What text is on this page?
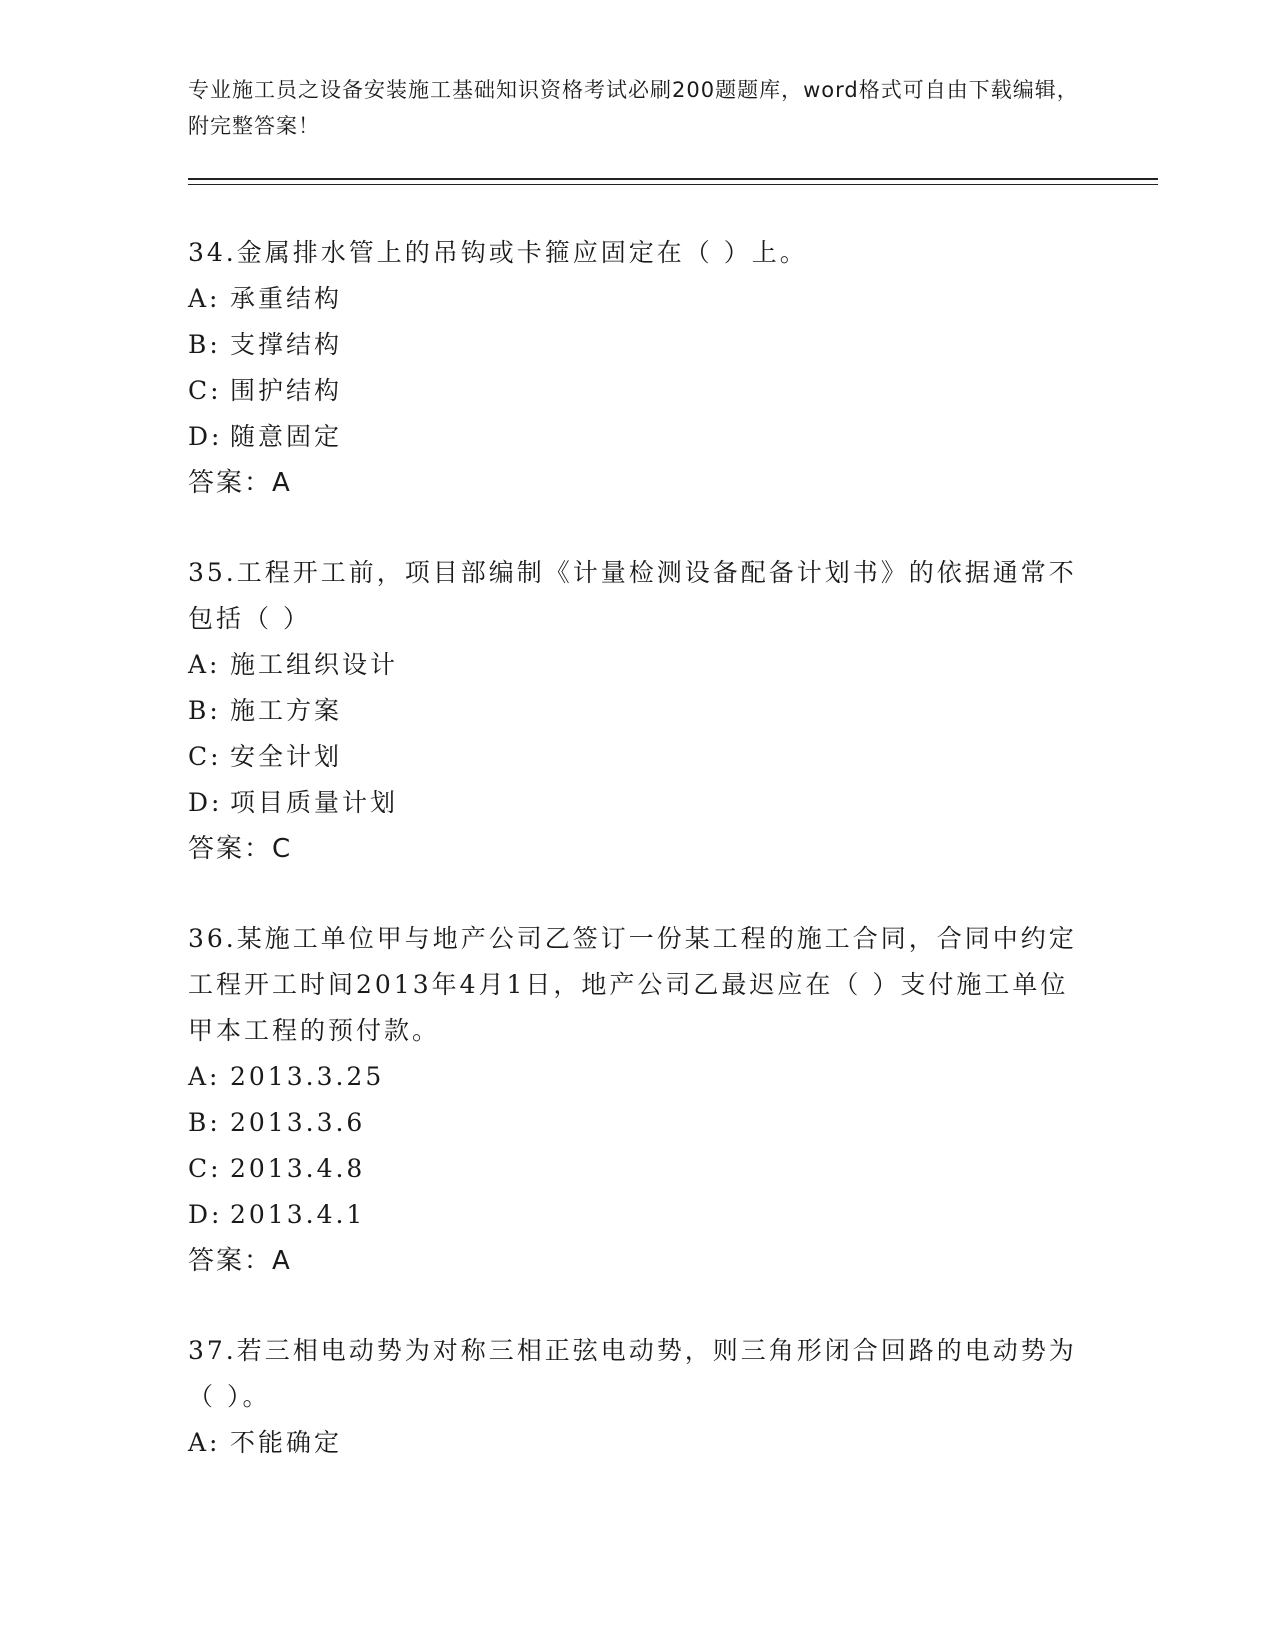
专业施工员之设备安装施工基础知识资格考试必刷200题题库，word格式可自由下载编辑，附完整答案！
34.金属排水管上的吊钩或卡箍应固定在（ ）上。
A: 承重结构
B: 支撑结构
C: 围护结构
D: 随意固定
答案：A
35.工程开工前，项目部编制《计量检测设备配备计划书》的依据通常不包括（ ）
A: 施工组织设计
B: 施工方案
C: 安全计划
D: 项目质量计划
答案：C
36.某施工单位甲与地产公司乙签订一份某工程的施工合同，合同中约定工程开工时间2013年4月1日，地产公司乙最迟应在（ ）支付施工单位甲本工程的预付款。
A: 2013.3.25
B: 2013.3.6
C: 2013.4.8
D: 2013.4.1
答案：A
37.若三相电动势为对称三相正弦电动势，则三角形闭合回路的电动势为（ ）。
A: 不能确定
